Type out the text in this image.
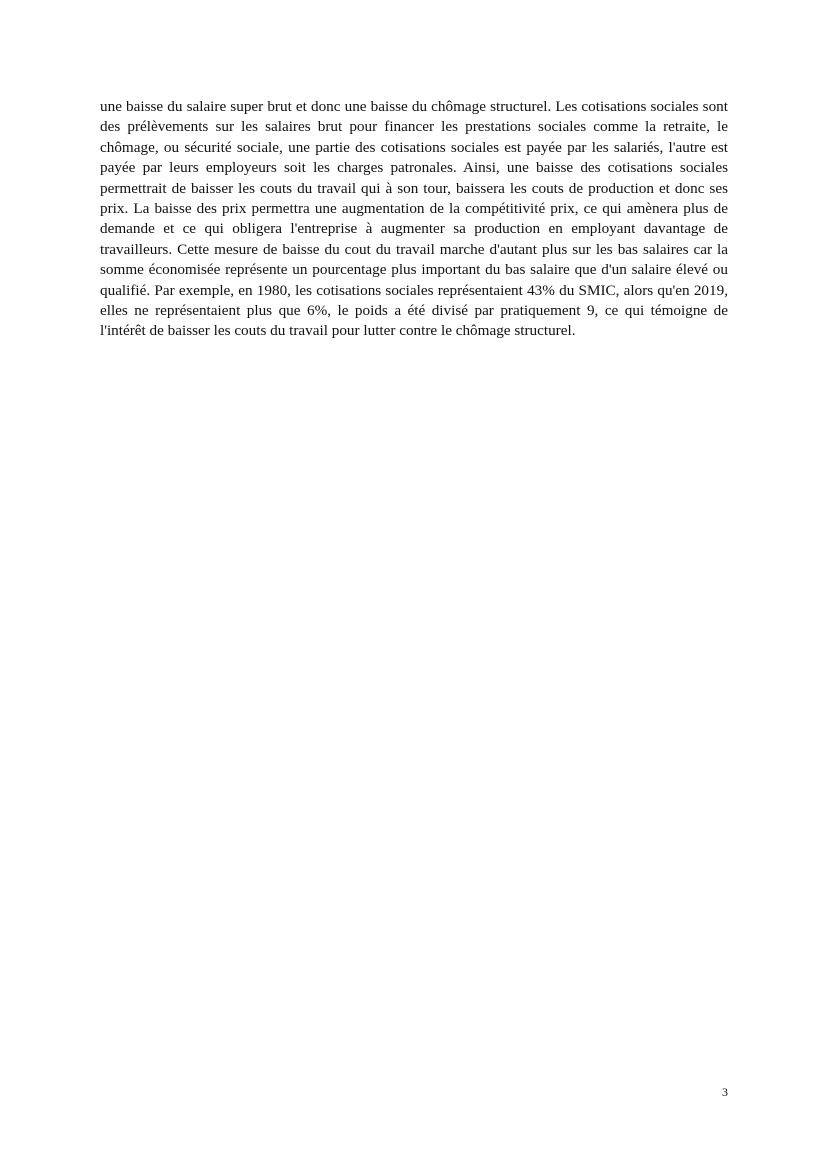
une baisse du salaire super brut et donc une baisse du chômage structurel. Les cotisations sociales sont des prélèvements sur les salaires brut pour financer les prestations sociales comme la retraite, le chômage, ou sécurité sociale, une partie des cotisations sociales est payée par les salariés, l'autre est payée par leurs employeurs soit les charges patronales. Ainsi, une baisse des cotisations sociales permettrait de baisser les couts du travail qui à son tour, baissera les couts de production et donc ses prix. La baisse des prix permettra une augmentation de la compétitivité prix, ce qui amènera plus de demande et ce qui obligera l'entreprise à augmenter sa production en employant davantage de travailleurs. Cette mesure de baisse du cout du travail marche d'autant plus sur les bas salaires car la somme économisée représente un pourcentage plus important du bas salaire que d'un salaire élevé ou qualifié. Par exemple, en 1980, les cotisations sociales représentaient 43% du SMIC, alors qu'en 2019, elles ne représentaient plus que 6%, le poids a été divisé par pratiquement 9, ce qui témoigne de l'intérêt de baisser les couts du travail pour lutter contre le chômage structurel.

3
